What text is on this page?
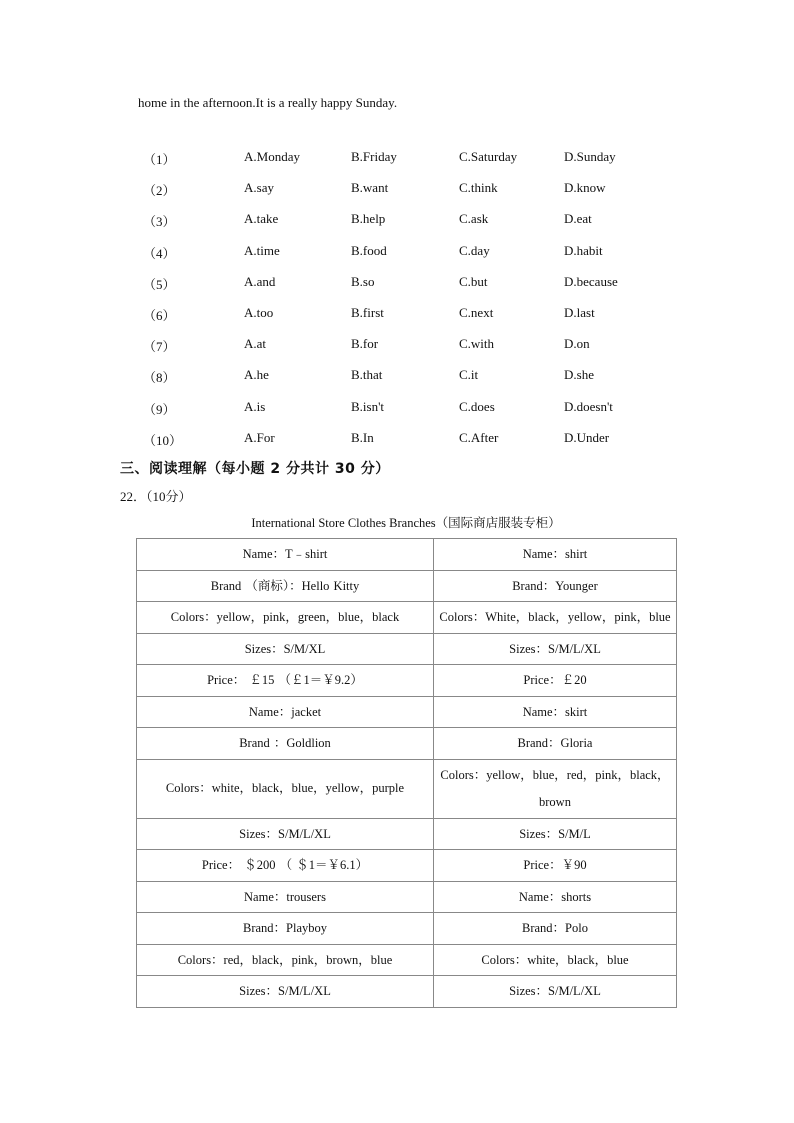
home in the afternoon.It is a really happy Sunday.
（1）	A.Monday	B.Friday	C.Saturday	D.Sunday
（2）	A.say	B.want	C.think	D.know
（3）	A.take	B.help	C.ask	D.eat
（4）	A.time	B.food	C.day	D.habit
（5）	A.and	B.so	C.but	D.because
（6）	A.too	B.first	C.next	D.last
（7）	A.at	B.for	C.with	D.on
（8）	A.he	B.that	C.it	D.she
（9）	A.is	B.isn't	C.does	D.doesn't
（10）	A.For	B.In	C.After	D.Under
三、阅读理解（每小题 2 分共计 30 分）
22．（10分）
International Store Clothes Branches（国际商店服装专柜）
Name：T﹣shirt	Name：shirt
Brand （商标）：Hello Kitty	Brand：Younger
Colors：yellow，pink，green，blue，black	Colors：White，black，yellow，pink，blue
Sizes：S/M/XL	Sizes：S/M/L/XL
Price： ￡15 （￡1＝￥9.2）	Price：￡20
Name：jacket	Name：skirt
Brand ：Goldlion	Brand：Gloria
Colors：white，black，blue，yellow，purple	Colors：yellow，blue，red，pink，black，brown
Sizes：S/M/L/XL	Sizes：S/M/L
Price： ＄200 （ ＄1＝￥6.1）	Price：￥90
Name：trousers	Name：shorts
Brand：Playboy	Brand：Polo
Colors：red，black，pink，brown，blue	Colors：white，black，blue
Sizes：S/M/L/XL	Sizes：S/M/L/XL
